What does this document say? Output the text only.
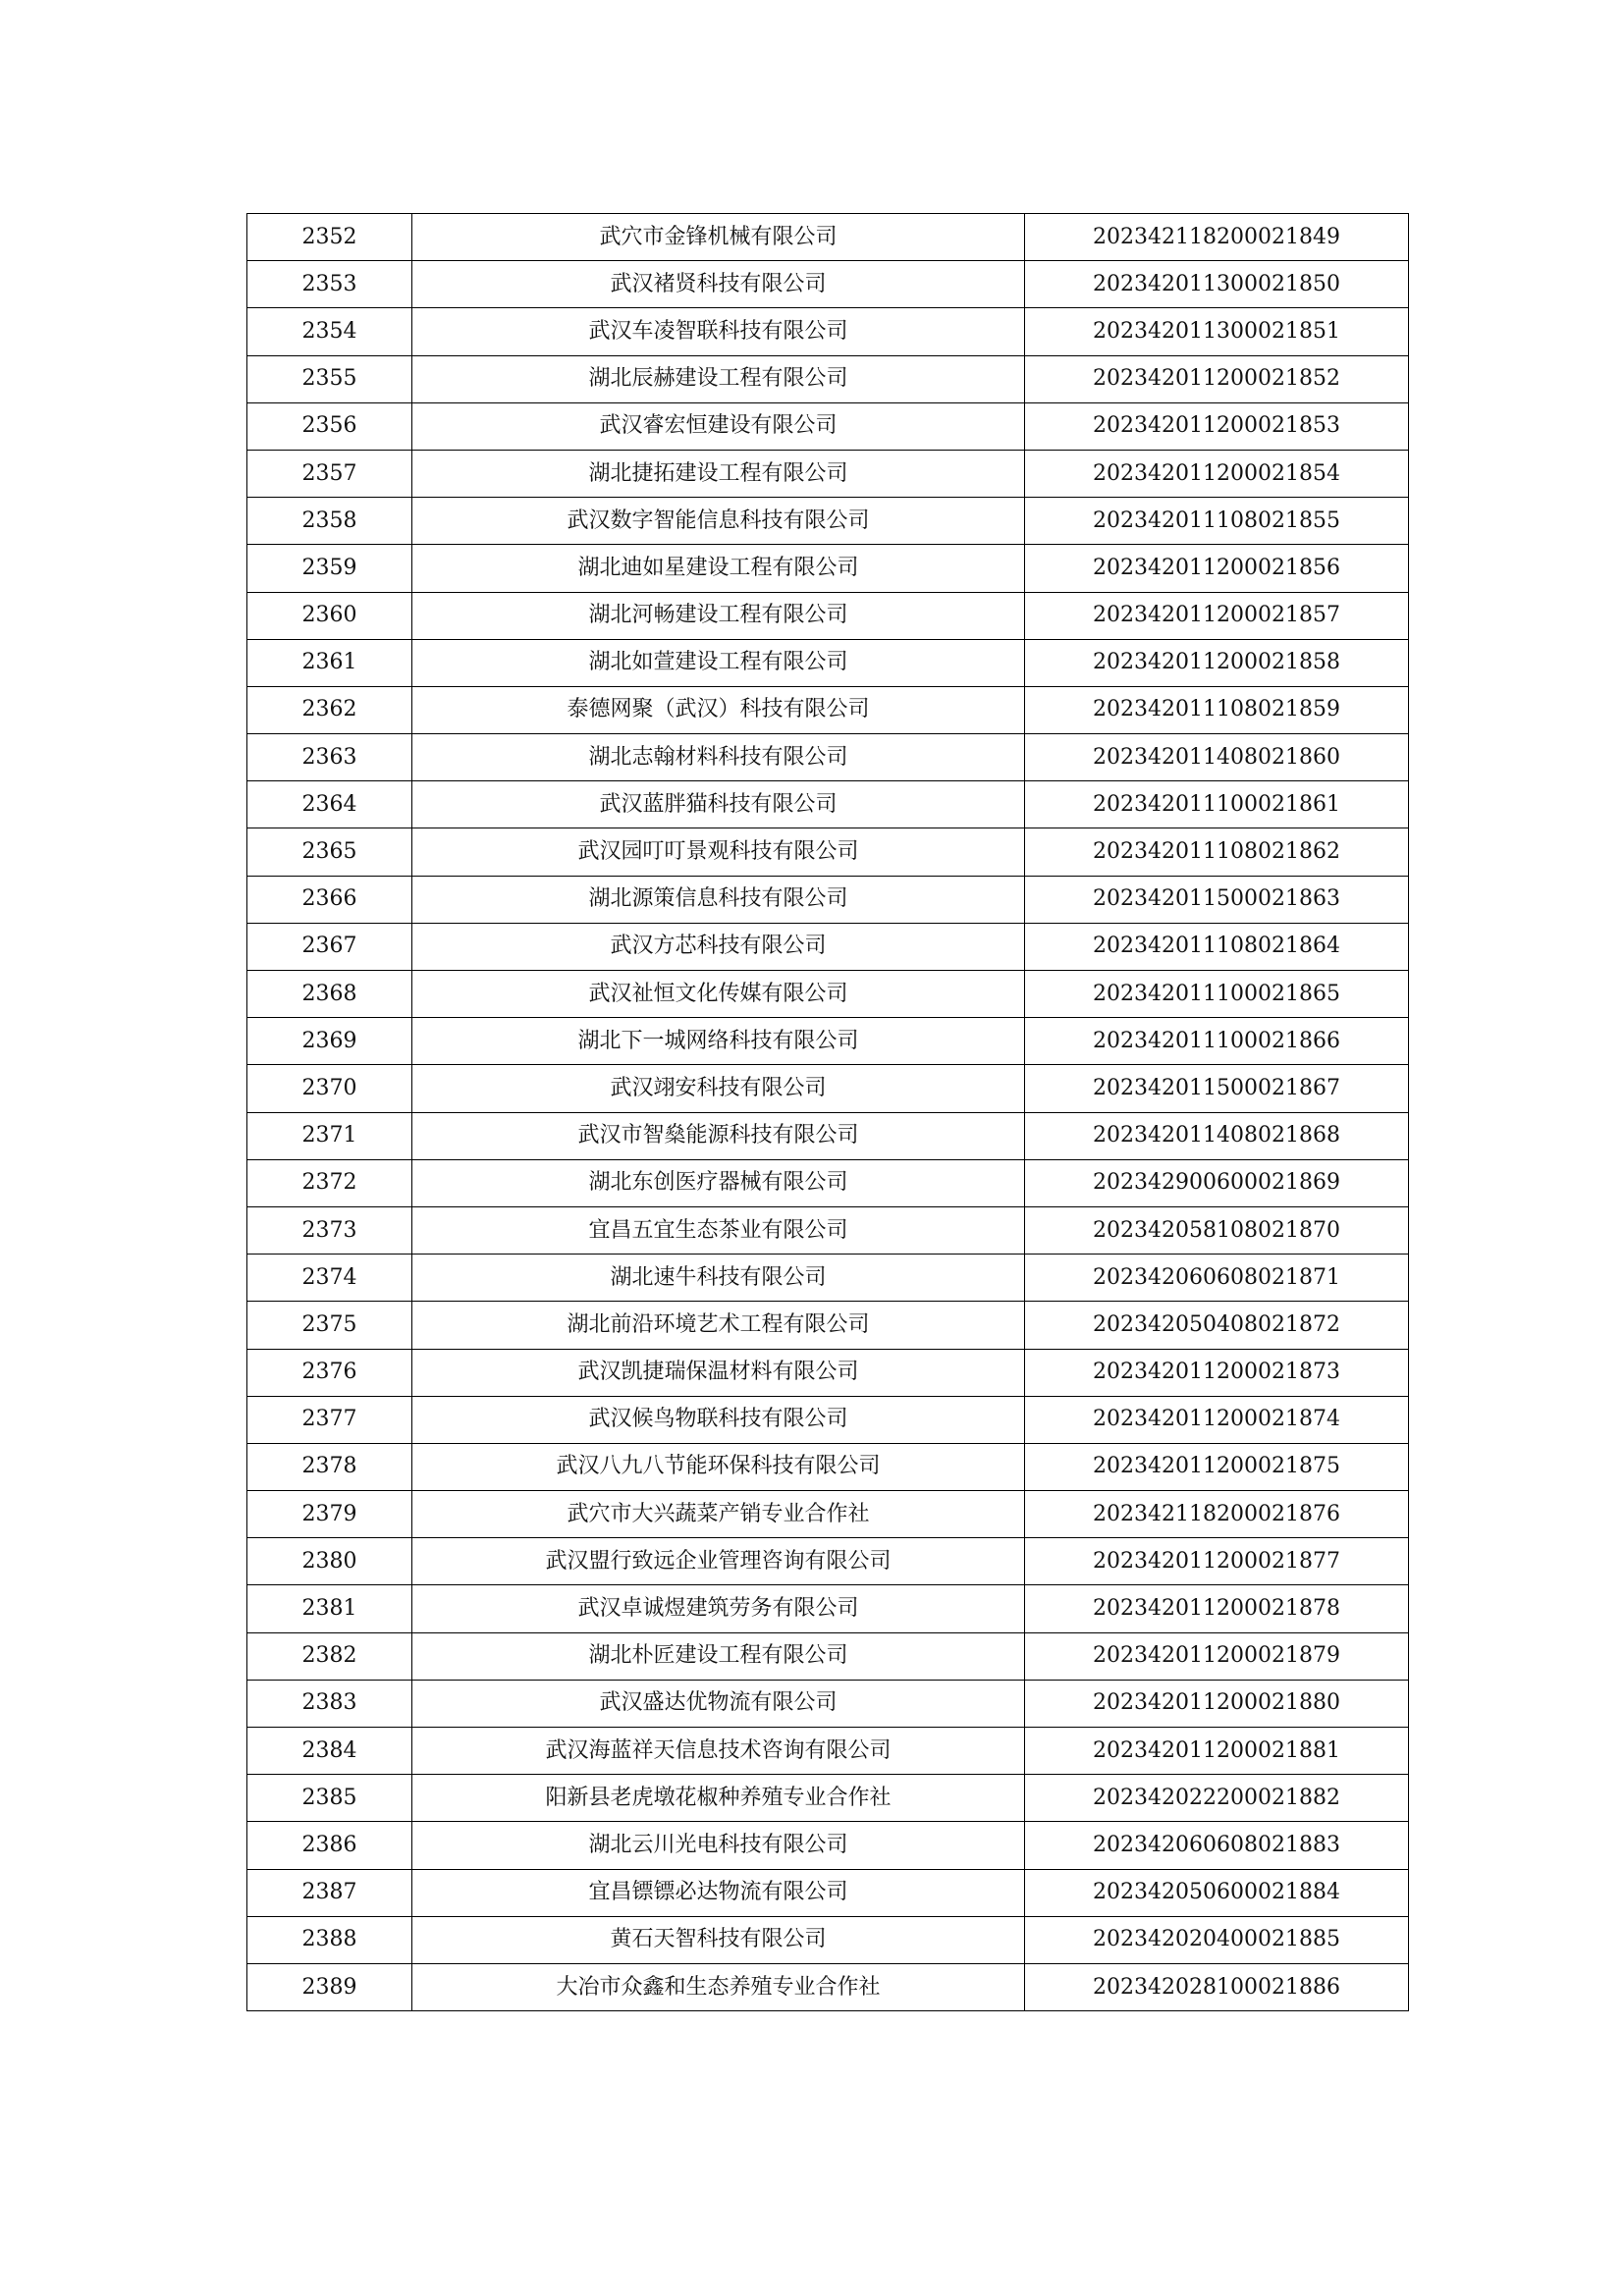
2352	武穴市金锋机械有限公司	202342118200021849
2353	武汉褚贤科技有限公司	202342011300021850
2354	武汉车凌智联科技有限公司	202342011300021851
2355	湖北辰赫建设工程有限公司	202342011200021852
2356	武汉睿宏恒建设有限公司	202342011200021853
2357	湖北捷拓建设工程有限公司	202342011200021854
2358	武汉数字智能信息科技有限公司	202342011108021855
2359	湖北迪如星建设工程有限公司	202342011200021856
2360	湖北河畅建设工程有限公司	202342011200021857
2361	湖北如萱建设工程有限公司	202342011200021858
2362	泰德网聚（武汉）科技有限公司	202342011108021859
2363	湖北志翰材料科技有限公司	202342011408021860
2364	武汉蓝胖猫科技有限公司	202342011100021861
2365	武汉园叮叮景观科技有限公司	202342011108021862
2366	湖北源策信息科技有限公司	202342011500021863
2367	武汉方芯科技有限公司	202342011108021864
2368	武汉祉恒文化传媒有限公司	202342011100021865
2369	湖北下一城网络科技有限公司	202342011100021866
2370	武汉翊安科技有限公司	202342011500021867
2371	武汉市智燊能源科技有限公司	202342011408021868
2372	湖北东创医疗器械有限公司	202342900600021869
2373	宜昌五宜生态茶业有限公司	202342058108021870
2374	湖北速牛科技有限公司	202342060608021871
2375	湖北前沿环境艺术工程有限公司	202342050408021872
2376	武汉凯捷瑞保温材料有限公司	202342011200021873
2377	武汉候鸟物联科技有限公司	202342011200021874
2378	武汉八九八节能环保科技有限公司	202342011200021875
2379	武穴市大兴蔬菜产销专业合作社	202342118200021876
2380	武汉盟行致远企业管理咨询有限公司	202342011200021877
2381	武汉卓诚煜建筑劳务有限公司	202342011200021878
2382	湖北朴匠建设工程有限公司	202342011200021879
2383	武汉盛达优物流有限公司	202342011200021880
2384	武汉海蓝祥天信息技术咨询有限公司	202342011200021881
2385	阳新县老虎墩花椒种养殖专业合作社	202342022200021882
2386	湖北云川光电科技有限公司	202342060608021883
2387	宜昌镖镖必达物流有限公司	202342050600021884
2388	黄石天智科技有限公司	202342020400021885
2389	大冶市众鑫和生态养殖专业合作社	202342028100021886
